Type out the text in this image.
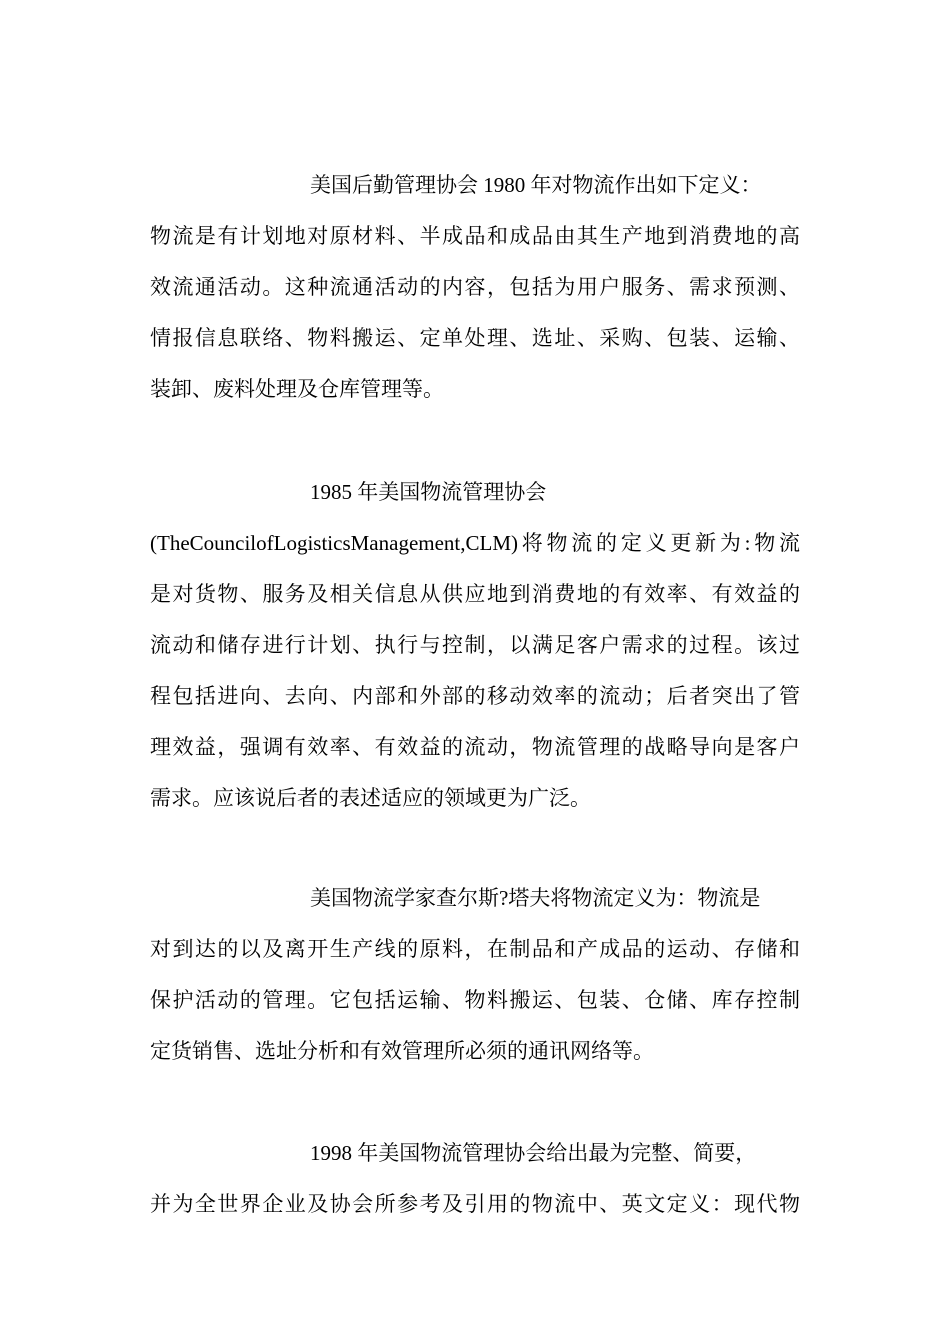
美国后勤管理协会 1980 年对物流作出如下定义：
物流是有计划地对原材料、半成品和成品由其生产地到消费地的高
效流通活动。这种流通活动的内容，包括为用户服务、需求预测、
情报信息联络、物料搬运、定单处理、选址、采购、包装、运输、
装卸、废料处理及仓库管理等。
1985 年美国物流管理协会
(TheCouncilofLogisticsManagement,CLM)将物流的定义更新为:物流
是对货物、服务及相关信息从供应地到消费地的有效率、有效益的
流动和储存进行计划、执行与控制，以满足客户需求的过程。该过
程包括进向、去向、内部和外部的移动效率的流动；后者突出了管
理效益，强调有效率、有效益的流动，物流管理的战略导向是客户
需求。应该说后者的表述适应的领域更为广泛。
美国物流学家查尔斯?塔夫将物流定义为：物流是
对到达的以及离开生产线的原料，在制品和产成品的运动、存储和
保护活动的管理。它包括运输、物料搬运、包装、仓储、库存控制
定货销售、选址分析和有效管理所必须的通讯网络等。
1998 年美国物流管理协会给出最为完整、简要，
并为全世界企业及协会所参考及引用的物流中、英文定义：现代物
